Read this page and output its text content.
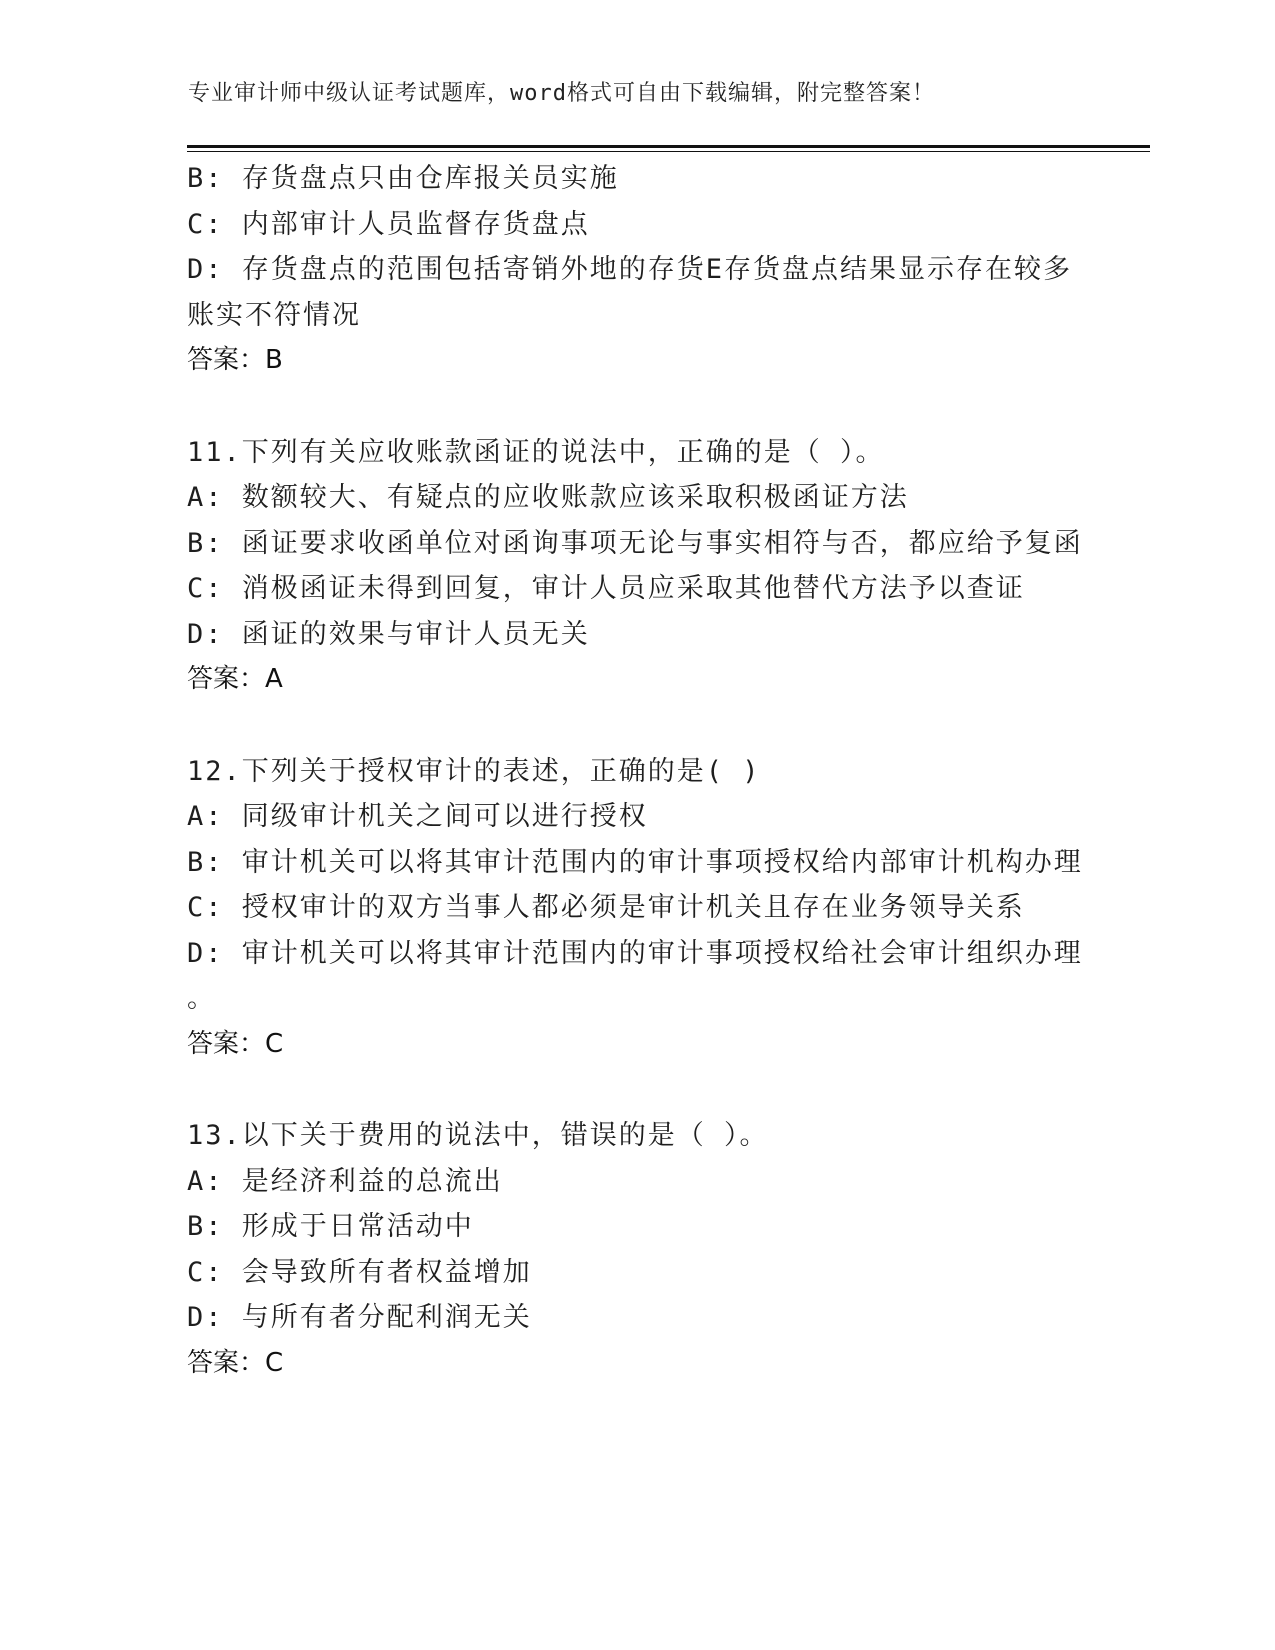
专业审计师中级认证考试题库，word格式可自由下载编辑，附完整答案！
B: 存货盘点只由仓库报关员实施
C: 内部审计人员监督存货盘点
D: 存货盘点的范围包括寄销外地的存货E存货盘点结果显示存在较多
账实不符情况
答案：B
11.下列有关应收账款函证的说法中，正确的是（ ）。
A: 数额较大、有疑点的应收账款应该采取积极函证方法
B: 函证要求收函单位对函询事项无论与事实相符与否，都应给予复函
C: 消极函证未得到回复，审计人员应采取其他替代方法予以查证
D: 函证的效果与审计人员无关
答案：A
12.下列关于授权审计的表述，正确的是( )
A: 同级审计机关之间可以进行授权
B: 审计机关可以将其审计范围内的审计事项授权给内部审计机构办理
C: 授权审计的双方当事人都必须是审计机关且存在业务领导关系
D: 审计机关可以将其审计范围内的审计事项授权给社会审计组织办理
。
答案：C
13.以下关于费用的说法中，错误的是（ ）。
A: 是经济利益的总流出
B: 形成于日常活动中
C: 会导致所有者权益增加
D: 与所有者分配利润无关
答案：C
